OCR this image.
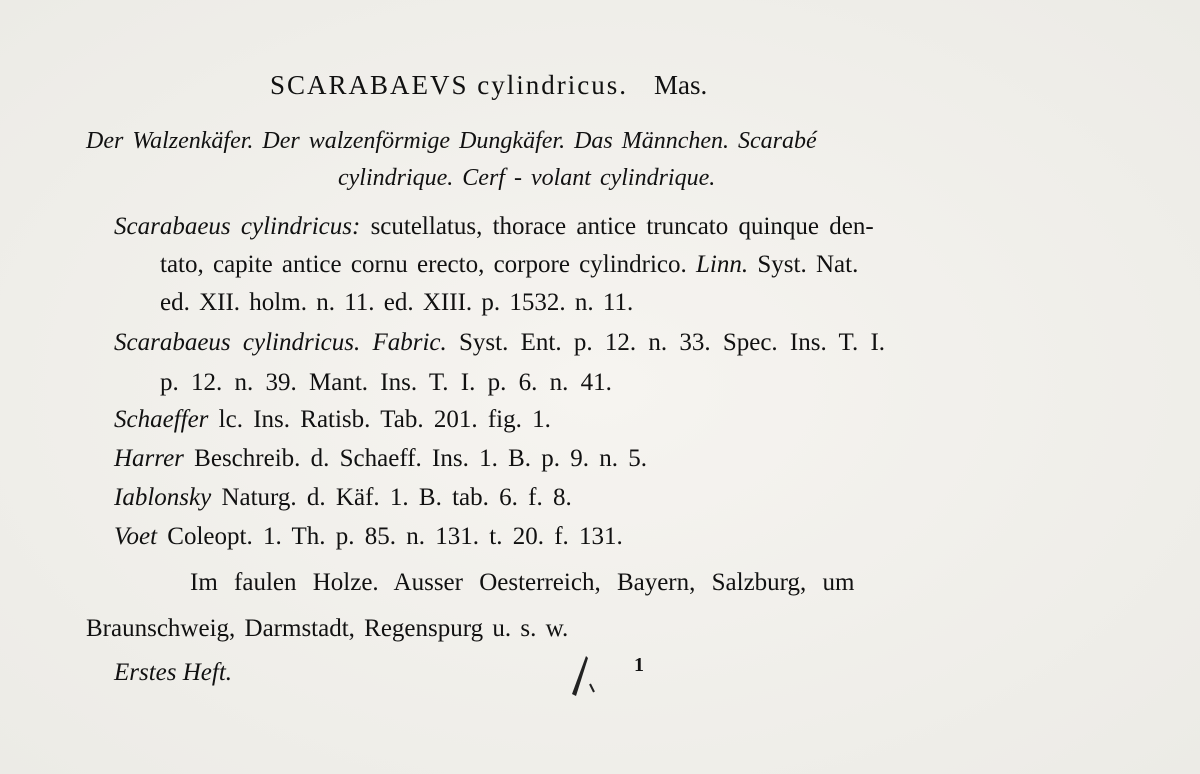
SCARABAEVS cylindricus. Mas.
Der Walzenkäfer. Der walzenförmige Dungkäfer. Das Männchen. Scarabé
cylindrique. Cerf - volant cylindrique.
Scarabaeus cylindricus: scutellatus, thorace antice truncato quinque den-
tato, capite antice cornu erecto, corpore cylindrico. Linn. Syst. Nat.
ed. XII. holm. n. 11. ed. XIII. p. 1532. n. 11.
Scarabaeus cylindricus. Fabric. Syst. Ent. p. 12. n. 33. Spec. Ins. T. I.
p. 12. n. 39. Mant. Ins. T. I. p. 6. n. 41.
Schaeffer lc. Ins. Ratisb. Tab. 201. fig. 1.
Harrer Beschreib. d. Schaeff. Ins. 1. B. p. 9. n. 5.
Iablonsky Naturg. d. Käf. 1. B. tab. 6. f. 8.
Voet Coleopt. 1. Th. p. 85. n. 131. t. 20. f. 131.
Im faulen Holze. Ausser Oesterreich, Bayern, Salzburg, um
Braunschweig, Darmstadt, Regenspurg u. s. w.
Erstes Heft.	1
